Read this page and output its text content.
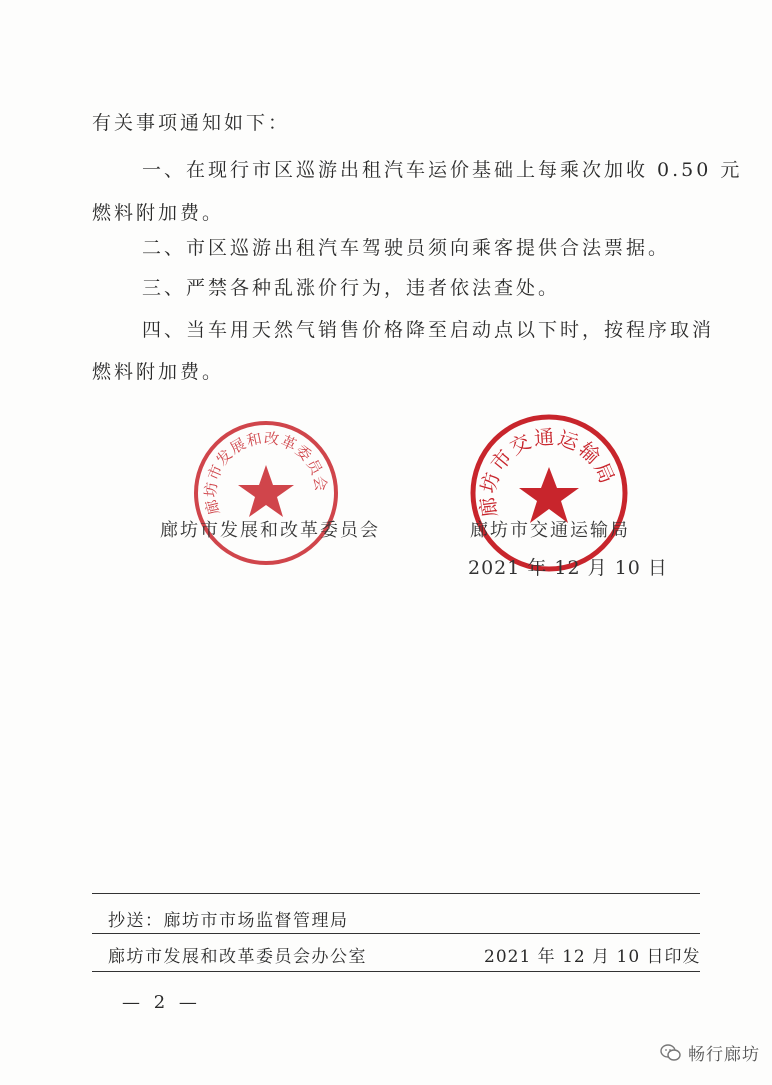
有关事项通知如下：
一、在现行市区巡游出租汽车运价基础上每乘次加收 0.50 元
燃料附加费。
二、市区巡游出租汽车驾驶员须向乘客提供合法票据。
三、严禁各种乱涨价行为，违者依法查处。
四、当车用天然气销售价格降至启动点以下时，按程序取消
燃料附加费。
廊坊市发展和改革委员会
廊坊市交通运输局
廊坊市发展和改革委员会	廊坊市交通运输局
2021 年 12 月 10 日
抄送：廊坊市市场监督管理局
廊坊市发展和改革委员会办公室	2021 年 12 月 10 日印发
— 2 —
畅行廊坊
